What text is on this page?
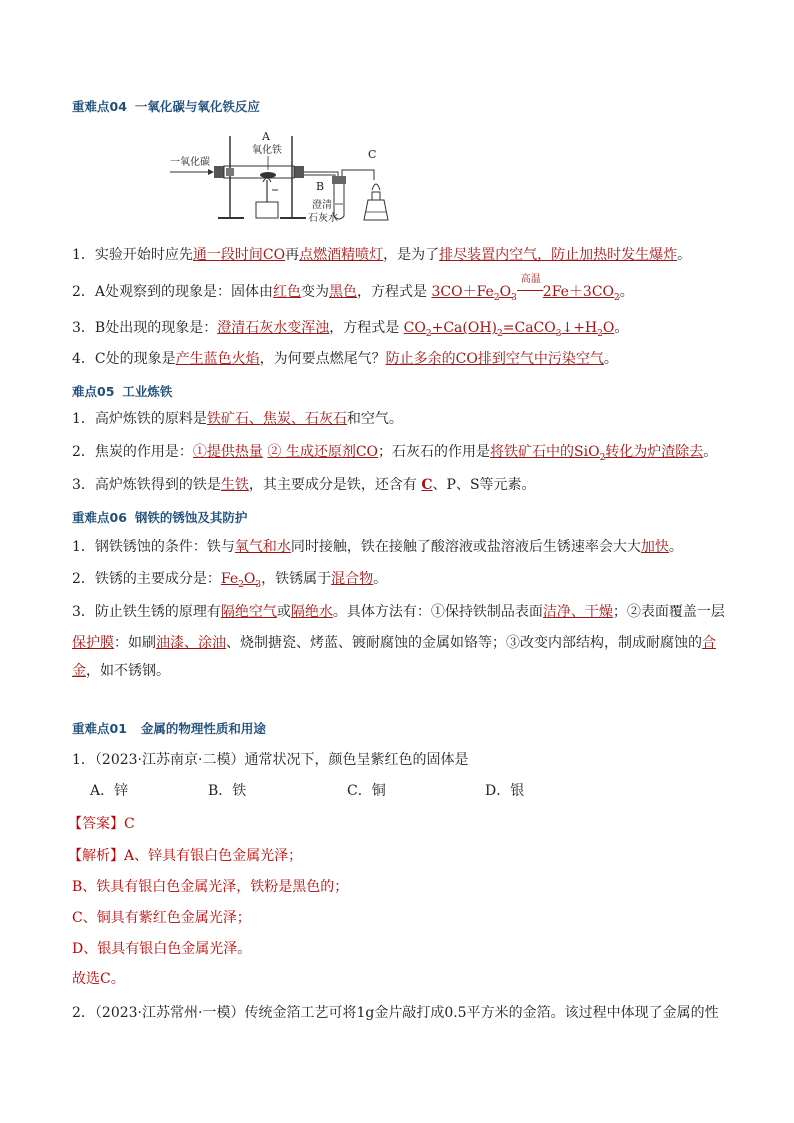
重难点04 一氧化碳与氧化铁反应
一氧化碳
A
氧化铁
B
澄清
石灰水
C
1．实验开始时应先通一段时间CO再点燃酒精喷灯，是为了排尽装置内空气，防止加热时发生爆炸。
2．A处观察到的现象是：固体由红色变为黑色，方程式是 $3CO+Fe_2O_3$
高温
$2Fe+3CO_2$。
3．B处出现的现象是：澄清石灰水变浑浊，方程式是 $CO_2+Ca(OH)_2=CaCO_3↓+H_2O$。
4．C处的现象是产生蓝色火焰，为何要点燃尾气？防止多余的CO排到空气中污染空气。
难点05 工业炼铁
1．高炉炼铁的原料是铁矿石、焦炭、石灰石和空气。
2．焦炭的作用是：①提供热量 ② 生成还原剂CO；石灰石的作用是将铁矿石中的SiO$_2$转化为炉渣除去。
3．高炉炼铁得到的铁是生铁，其主要成分是铁，还含有 C、P、S等元素。
重难点06 钢铁的锈蚀及其防护
1．钢铁锈蚀的条件：铁与氧气和水同时接触，铁在接触了酸溶液或盐溶液后生锈速率会大大加快。
2．铁锈的主要成分是：$Fe_2O_3$，铁锈属于混合物。
3．防止铁生锈的原理有隔绝空气或隔绝水。具体方法有：①保持铁制品表面洁净、干燥；②表面覆盖一层
保护膜：如刷油漆、涂油、烧制搪瓷、烤蓝、镀耐腐蚀的金属如铬等；③改变内部结构，制成耐腐蚀的合
金，如不锈钢。
重难点01 金属的物理性质和用途
1．（2023·江苏南京·二模）通常状况下，颜色呈紫红色的固体是
A．锌	B．铁	C．铜	D．银
【答案】C
【解析】A、锌具有银白色金属光泽；
B、铁具有银白色金属光泽，铁粉是黑色的；
C、铜具有紫红色金属光泽；
D、银具有银白色金属光泽。
故选C。
2．（2023·江苏常州·一模）传统金箔工艺可将1g金片敲打成0.5平方米的金箔。该过程中体现了金属的性
